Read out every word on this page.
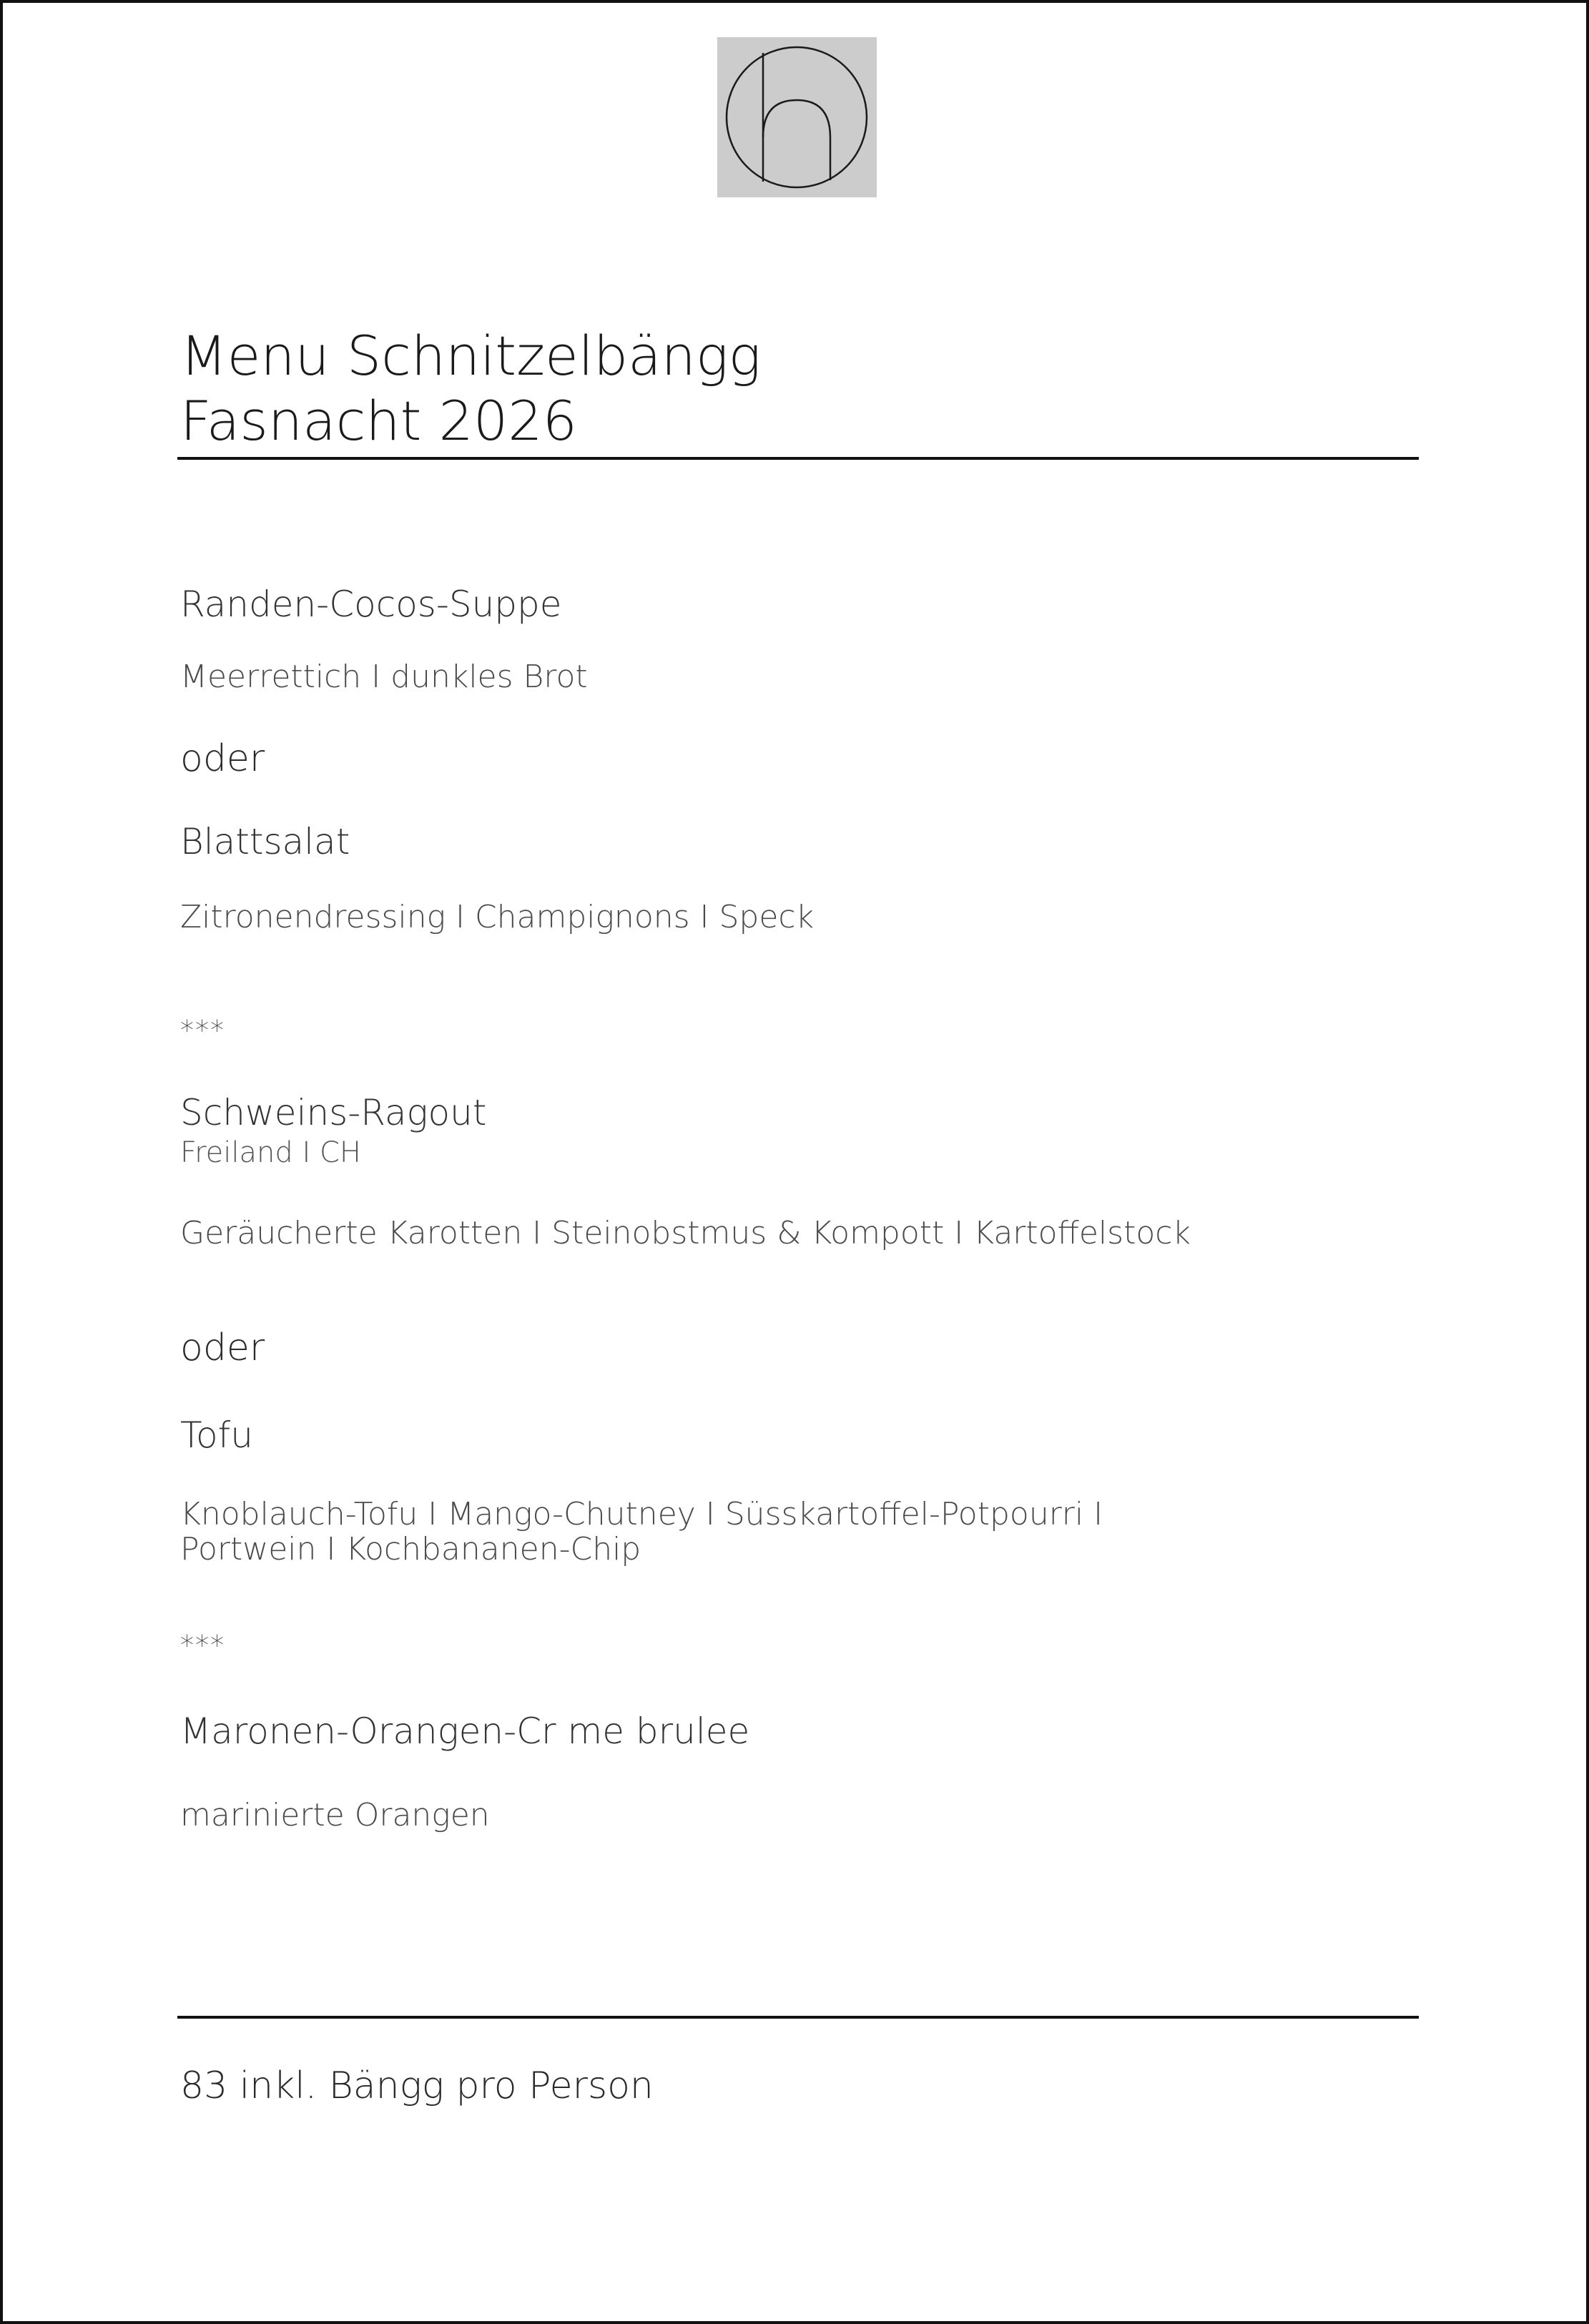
Menu Schnitzelbängg

Fasnacht 2026

Randen-Cocos-Suppe

Meerrettich I dunkles Brot

oder

Blattsalat

Zitronendressing I Champignons I Speck

***

Schweins-Ragout

Freiland I CH

Geräucherte Karotten I Steinobstmus & Kompott I Kartoffelstock

oder

Tofu

Knoblauch-Tofu I Mango-Chutney I Süsskartoffel-Potpourri I

Portwein I Kochbananen-Chip

***

Maronen-Orangen-Cr me brulee

marinierte Orangen

83 inkl. Bängg pro Person
